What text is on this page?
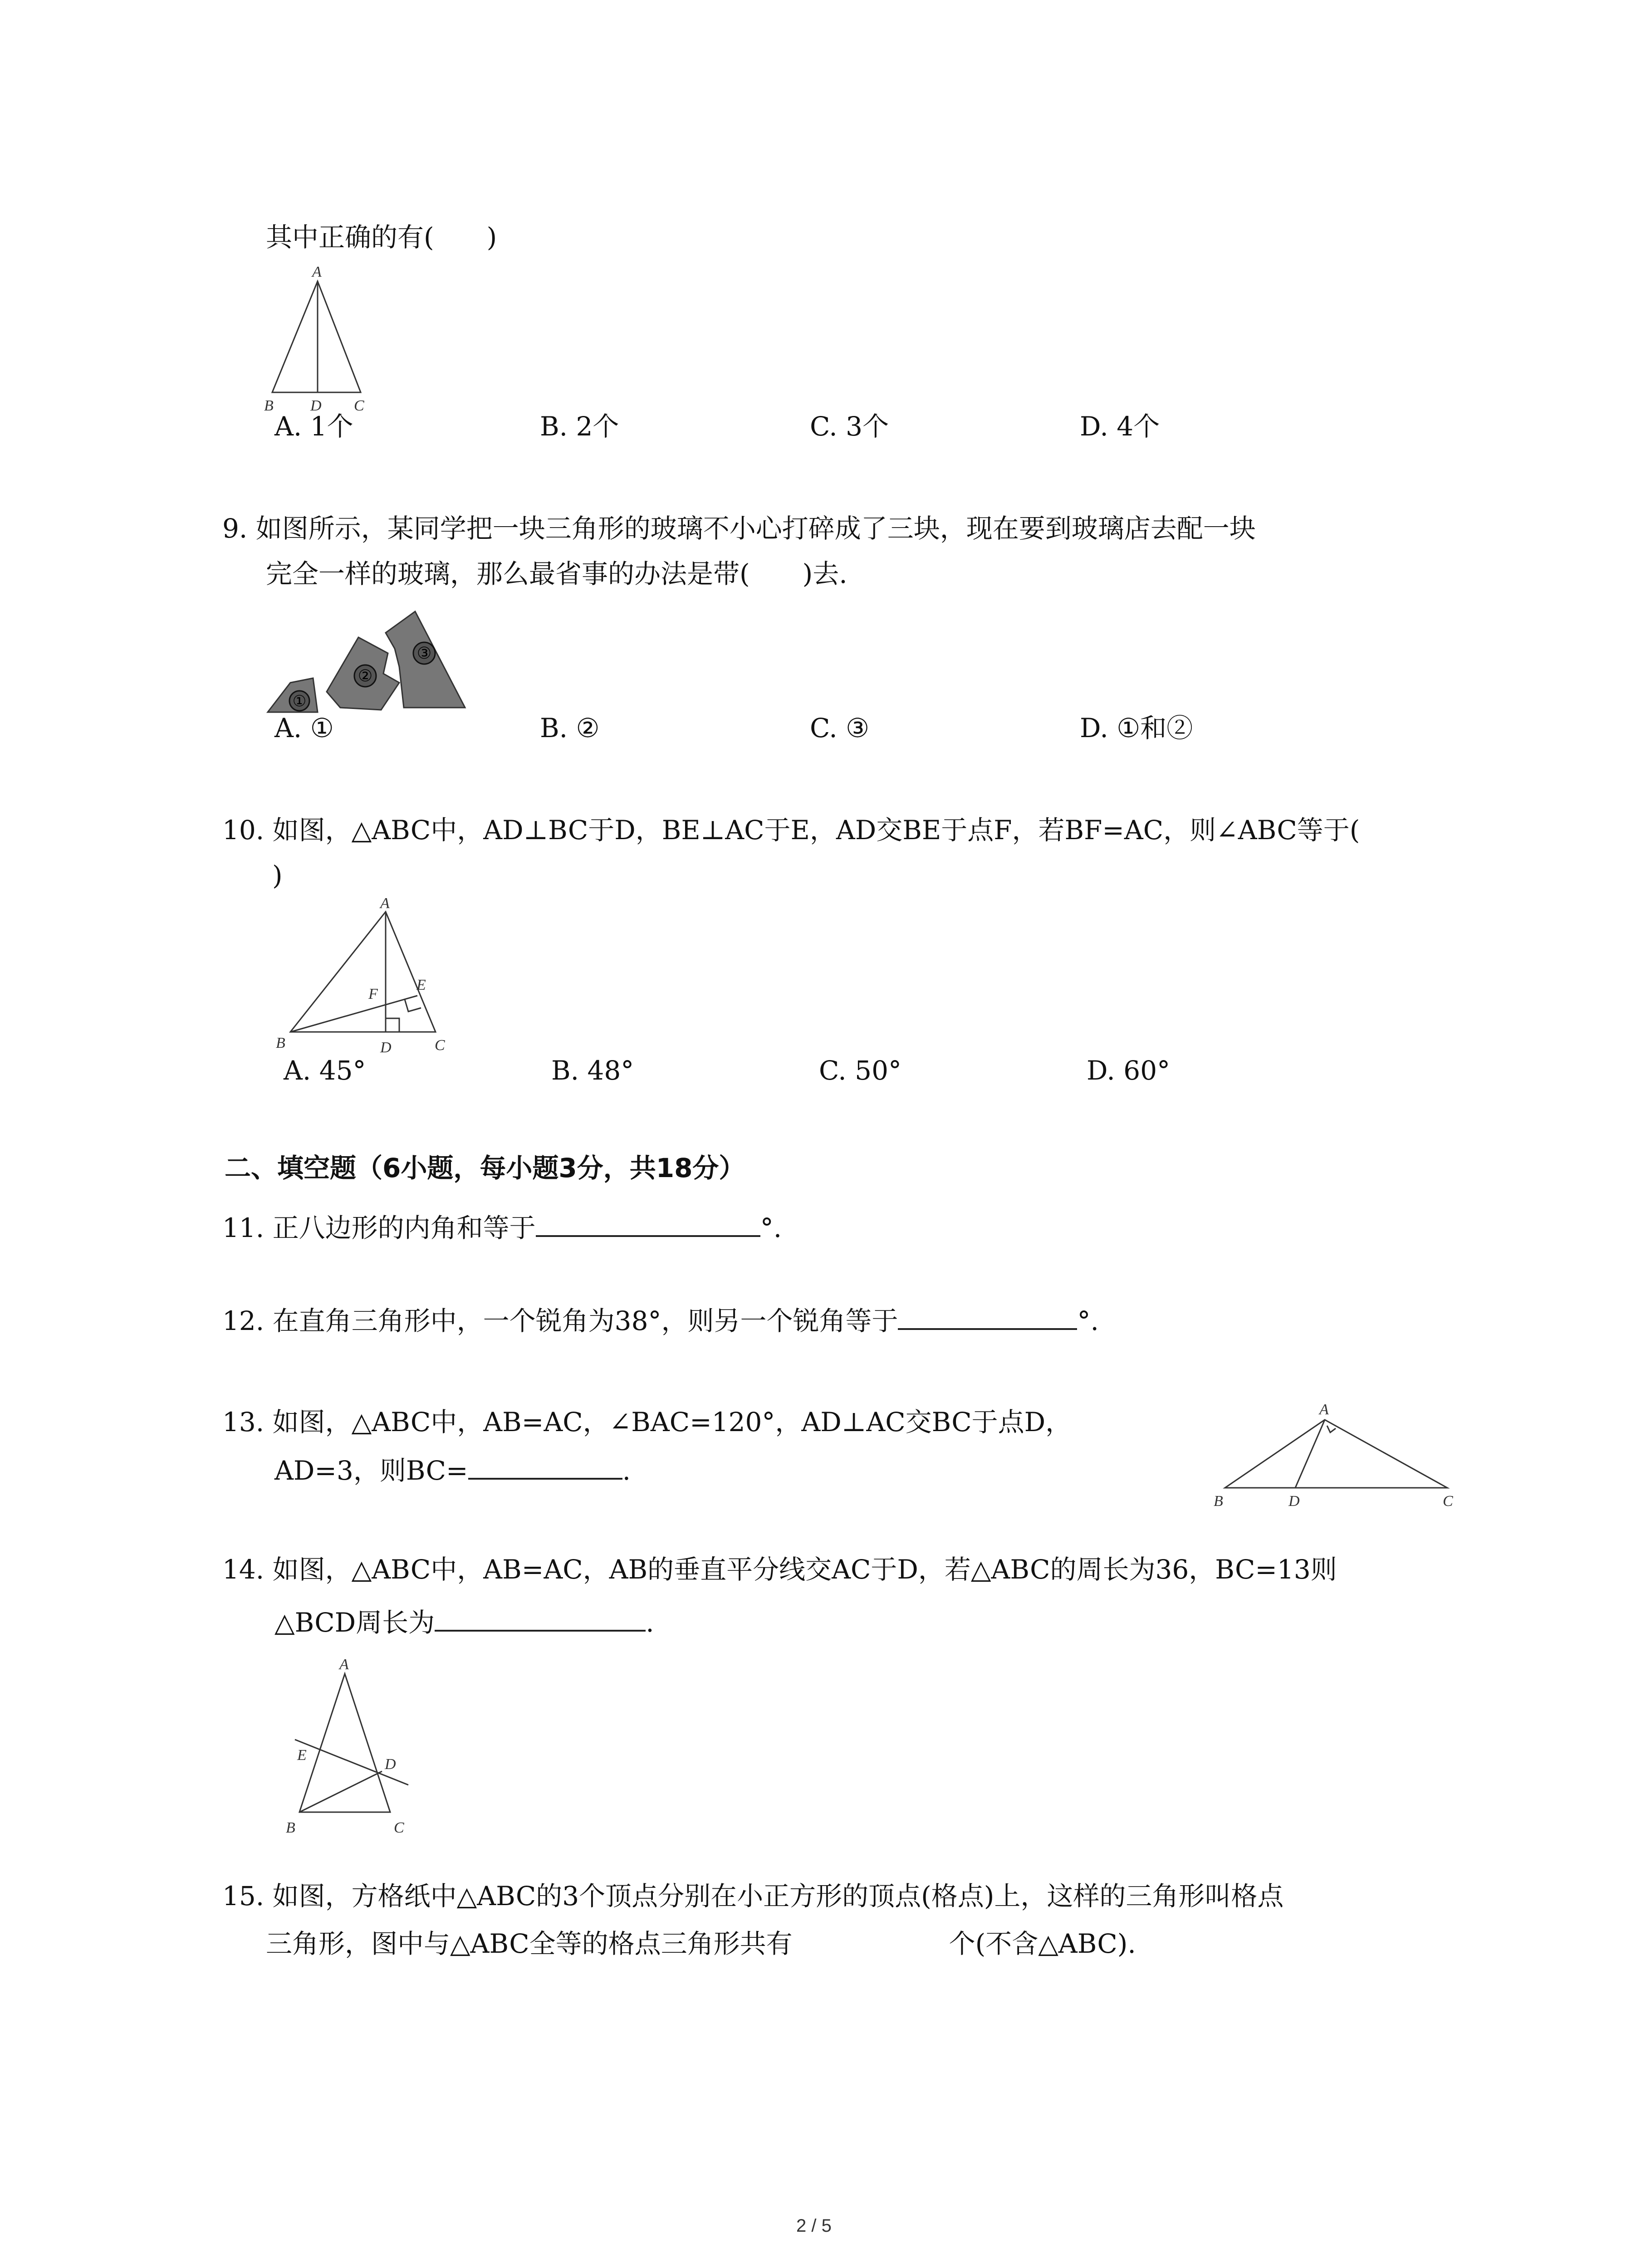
其中正确的有(　　)
A
B D C
A. 1个	B. 2个	C. 3个	D. 4个
9. 如图所示，某同学把一块三角形的玻璃不小心打碎成了三块，现在要到玻璃店去配一块
完全一样的玻璃，那么最省事的办法是带(　　)去.
①
②
③
A. ①	B. ②	C. ③	D. ①和②
10. 如图，△ABC中，AD⊥BC于D，BE⊥AC于E，AD交BE于点F，若BF=AC，则∠ABC等于(
)
A
B	D	C
E
F
A. 45°	B. 48°	C. 50°	D. 60°
二、填空题（6小题，每小题3分，共18分）
11. 正八边形的内角和等于	°.
12. 在直角三角形中，一个锐角为38°，则另一个锐角等于	°.
13. 如图，△ABC中，AB=AC，∠BAC=120°，AD⊥AC交BC于点D，
AD=3，则BC=	.
A
B	D	C
14. 如图，△ABC中，AB=AC，AB的垂直平分线交AC于D，若△ABC的周长为36，BC=13则
△BCD周长为	.
A
E
D
B	C
15. 如图，方格纸中△ABC的3个顶点分别在小正方形的顶点(格点)上，这样的三角形叫格点
三角形，图中与△ABC全等的格点三角形共有	个(不含△ABC).
2 / 5
